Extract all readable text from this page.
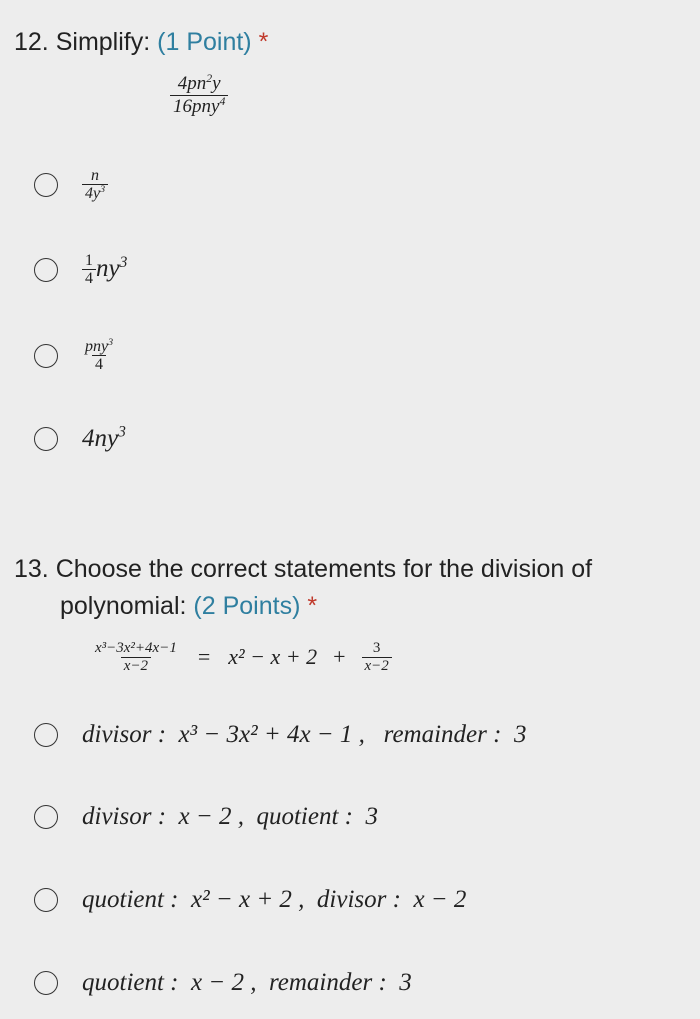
12. Simplify: (1 Point) *
$\frac{4pn^2y}{16pny^4}$
$\frac{n}{4y^3}$
$\frac{1}{4} ny^3$
$\frac{pny^3}{4}$
$4ny^3$
13. Choose the correct statements for the division of
polynomial: (2 Points) *
$\frac{\text{x³−3x²+4x−1}}{x-2} = x^2 - x + 2 + \frac{3}{x-2}$
divisor :  x³ − 3x² + 4x − 1 ,   remainder :  3
divisor :  x − 2 ,  quotient :  3
quotient :  x² − x + 2 ,  divisor :  x − 2
quotient :  x − 2 ,  remainder :  3
